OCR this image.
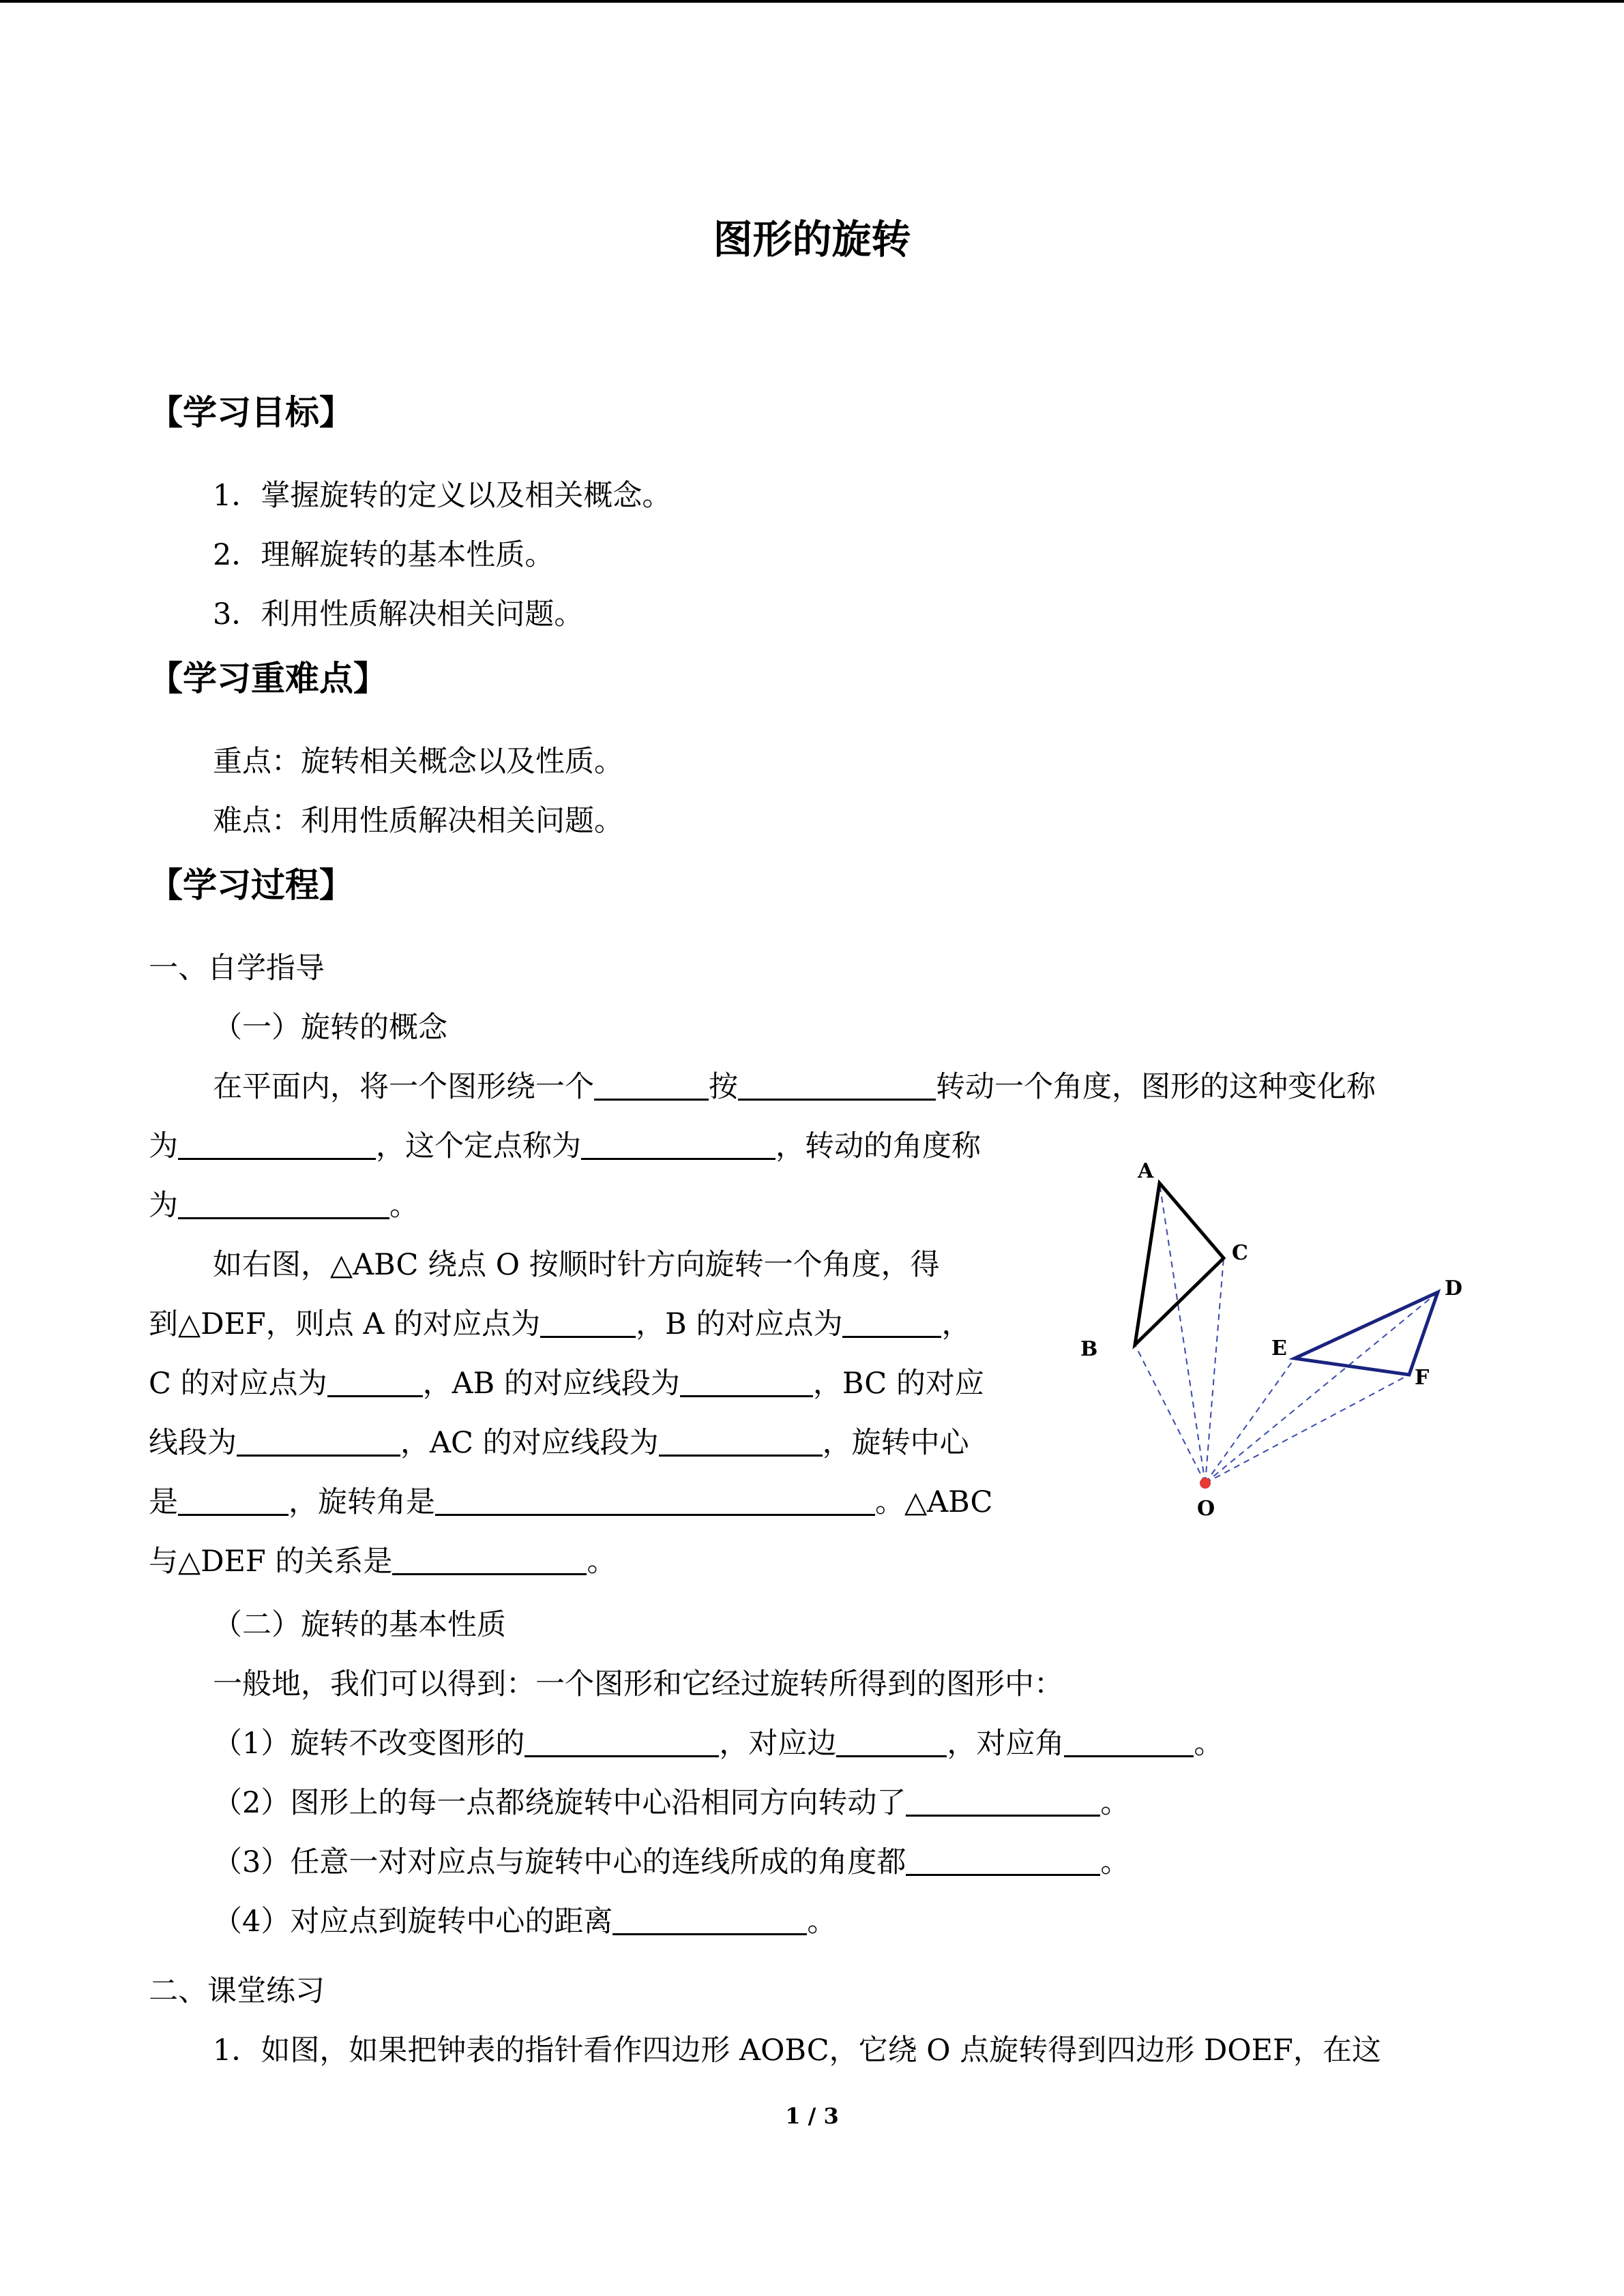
图形的旋转
【学习目标】
1．掌握旋转的定义以及相关概念。
2．理解旋转的基本性质。
3．利用性质解决相关问题。
【学习重难点】
重点：旋转相关概念以及性质。
难点：利用性质解决相关问题。
【学习过程】
一、自学指导
（一）旋转的概念
在平面内，将一个图形绕一个	按	转动一个角度，图形的这种变化称
为	，这个定点称为	，转动的角度称
为	。
如右图，△ABC 绕点 O 按顺时针方向旋转一个角度，得
到△DEF，则点 A 的对应点为	，B 的对应点为	，
C 的对应点为	，AB 的对应线段为	，BC 的对应
线段为	，AC 的对应线段为	，旋转中心
是	，旋转角是	。△ABC
与△DEF 的关系是	。
（二）旋转的基本性质
一般地，我们可以得到：一个图形和它经过旋转所得到的图形中：
（1）旋转不改变图形的	，对应边	，对应角	。
（2）图形上的每一点都绕旋转中心沿相同方向转动了	。
（3）任意一对对应点与旋转中心的连线所成的角度都	。
（4）对应点到旋转中心的距离	。
二、课堂练习
1．如图，如果把钟表的指针看作四边形 AOBC，它绕 O 点旋转得到四边形 DOEF，在这
1 / 3
A
B
C
D
E
F
O
